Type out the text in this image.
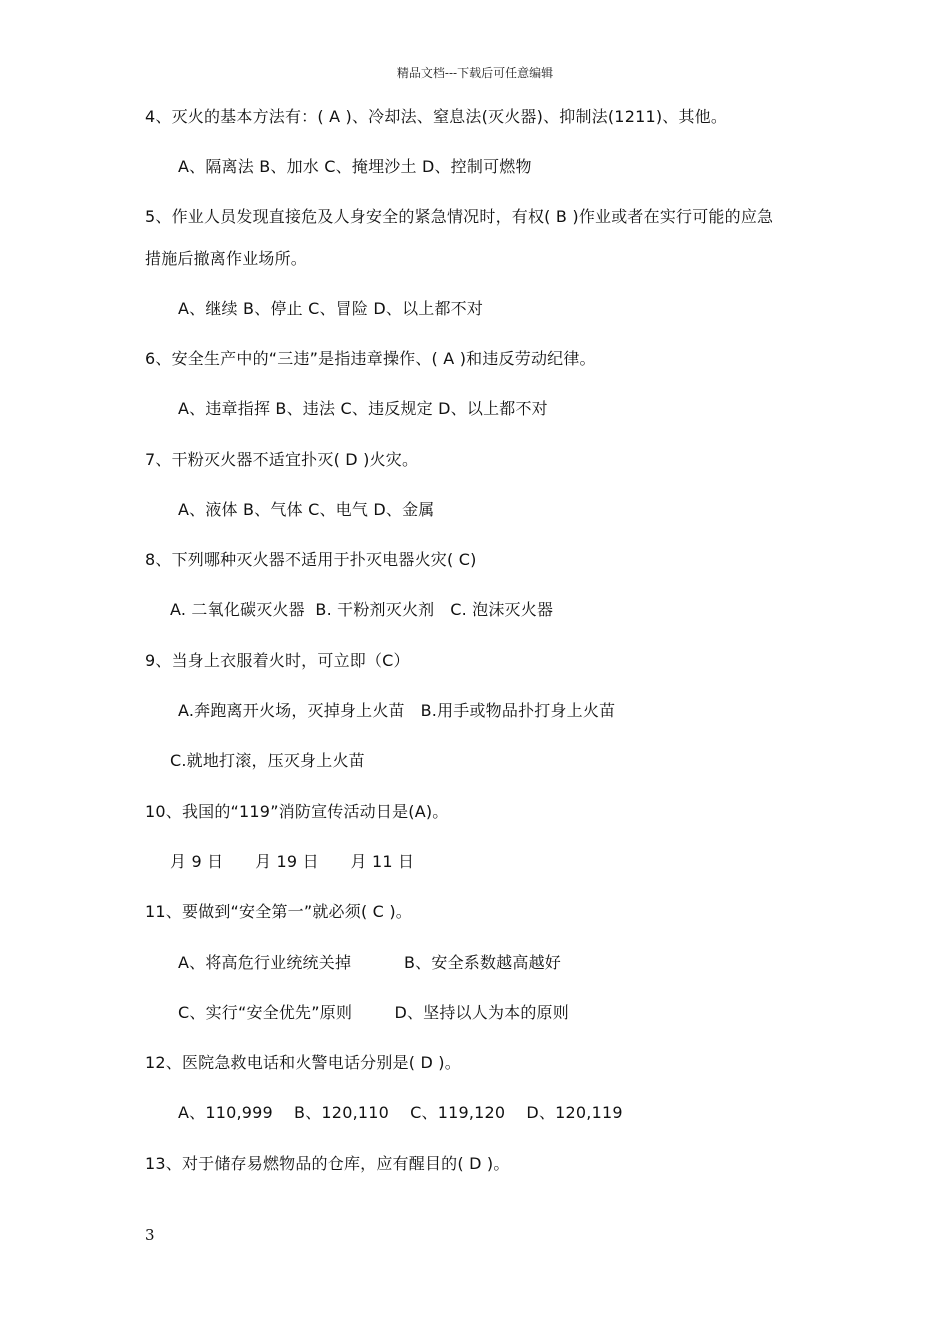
精品文档---下载后可任意编辑
4、灭火的基本方法有：( A )、冷却法、窒息法(灭火器)、抑制法(1211)、其他。
A、隔离法 B、加水 C、掩埋沙土 D、控制可燃物
5、作业人员发现直接危及人身安全的紧急情况时，有权( B )作业或者在实行可能的应急
措施后撤离作业场所。
A、继续 B、停止 C、冒险 D、以上都不对
6、安全生产中的“三违”是指违章操作、( A )和违反劳动纪律。
A、违章指挥 B、违法 C、违反规定 D、以上都不对
7、干粉灭火器不适宜扑灭( D )火灾。
A、液体 B、气体 C、电气 D、金属
8、下列哪种灭火器不适用于扑灭电器火灾( C)
A. 二氧化碳灭火器  B. 干粉剂灭火剂   C. 泡沫灭火器
9、当身上衣服着火时，可立即（C）
A.奔跑离开火场，灭掉身上火苗   B.用手或物品扑打身上火苗
C.就地打滚，压灭身上火苗
10、我国的“119”消防宣传活动日是(A)。
月 9 日      月 19 日      月 11 日
11、要做到“安全第一”就必须( C )。
A、将高危行业统统关掉          B、安全系数越高越好
C、实行“安全优先”原则        D、坚持以人为本的原则
12、医院急救电话和火警电话分别是( D )。
A、110,999    B、120,110    C、119,120    D、120,119
13、对于储存易燃物品的仓库，应有醒目的( D )。
3
